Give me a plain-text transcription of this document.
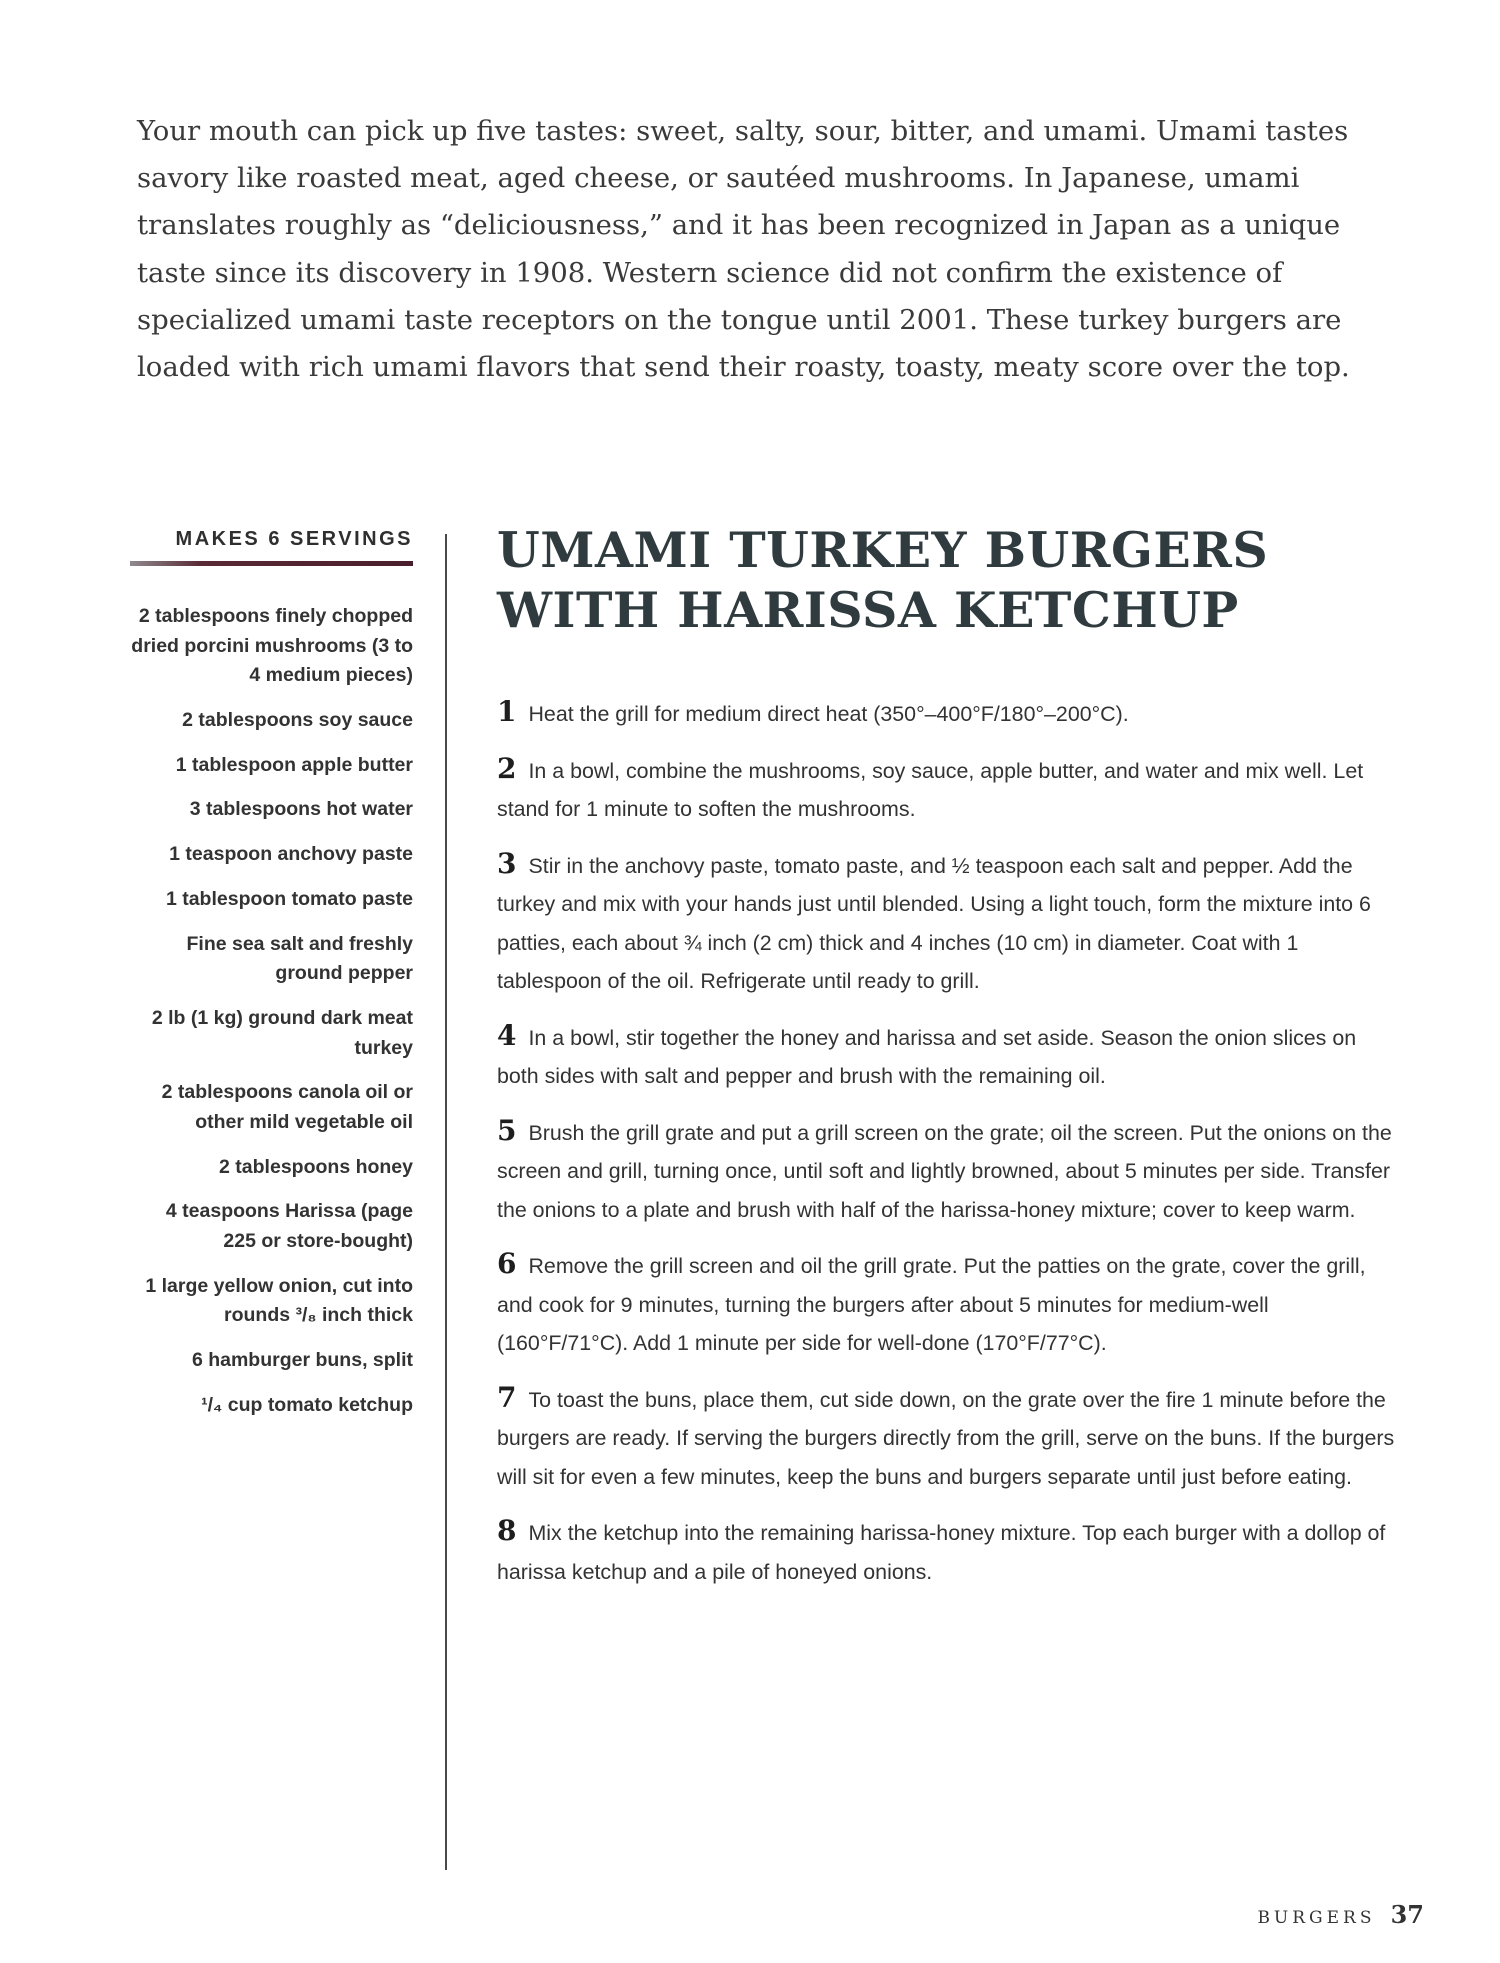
Your mouth can pick up five tastes: sweet, salty, sour, bitter, and umami. Umami tastes savory like roasted meat, aged cheese, or sautéed mushrooms. In Japanese, umami translates roughly as “deliciousness,” and it has been recognized in Japan as a unique taste since its discovery in 1908. Western science did not confirm the existence of specialized umami taste receptors on the tongue until 2001. These turkey burgers are loaded with rich umami flavors that send their roasty, toasty, meaty score over the top.

MAKES 6 SERVINGS
2 tablespoons finely chopped dried porcini mushrooms (3 to 4 medium pieces)
2 tablespoons soy sauce
1 tablespoon apple butter
3 tablespoons hot water
1 teaspoon anchovy paste
1 tablespoon tomato paste
Fine sea salt and freshly ground pepper
2 lb (1 kg) ground dark meat turkey
2 tablespoons canola oil or other mild vegetable oil
2 tablespoons honey
4 teaspoons Harissa (page 225 or store-bought)
1 large yellow onion, cut into rounds ³/₈ inch thick
6 hamburger buns, split
¹/₄ cup tomato ketchup
UMAMI TURKEY BURGERS
WITH HARISSA KETCHUP
1 Heat the grill for medium direct heat (350°–400°F/180°–200°C).
2 In a bowl, combine the mushrooms, soy sauce, apple butter, and water and mix well. Let stand for 1 minute to soften the mushrooms.
3 Stir in the anchovy paste, tomato paste, and ½ teaspoon each salt and pepper. Add the turkey and mix with your hands just until blended. Using a light touch, form the mixture into 6 patties, each about ¾ inch (2 cm) thick and 4 inches (10 cm) in diameter. Coat with 1 tablespoon of the oil. Refrigerate until ready to grill.
4 In a bowl, stir together the honey and harissa and set aside. Season the onion slices on both sides with salt and pepper and brush with the remaining oil.
5 Brush the grill grate and put a grill screen on the grate; oil the screen. Put the onions on the screen and grill, turning once, until soft and lightly browned, about 5 minutes per side. Transfer the onions to a plate and brush with half of the harissa-honey mixture; cover to keep warm.
6 Remove the grill screen and oil the grill grate. Put the patties on the grate, cover the grill, and cook for 9 minutes, turning the burgers after about 5 minutes for medium-well (160°F/71°C). Add 1 minute per side for well-done (170°F/77°C).
7 To toast the buns, place them, cut side down, on the grate over the fire 1 minute before the burgers are ready. If serving the burgers directly from the grill, serve on the buns. If the burgers will sit for even a few minutes, keep the buns and burgers separate until just before eating.
8 Mix the ketchup into the remaining harissa-honey mixture. Top each burger with a dollop of harissa ketchup and a pile of honeyed onions.
BURGERS 37
